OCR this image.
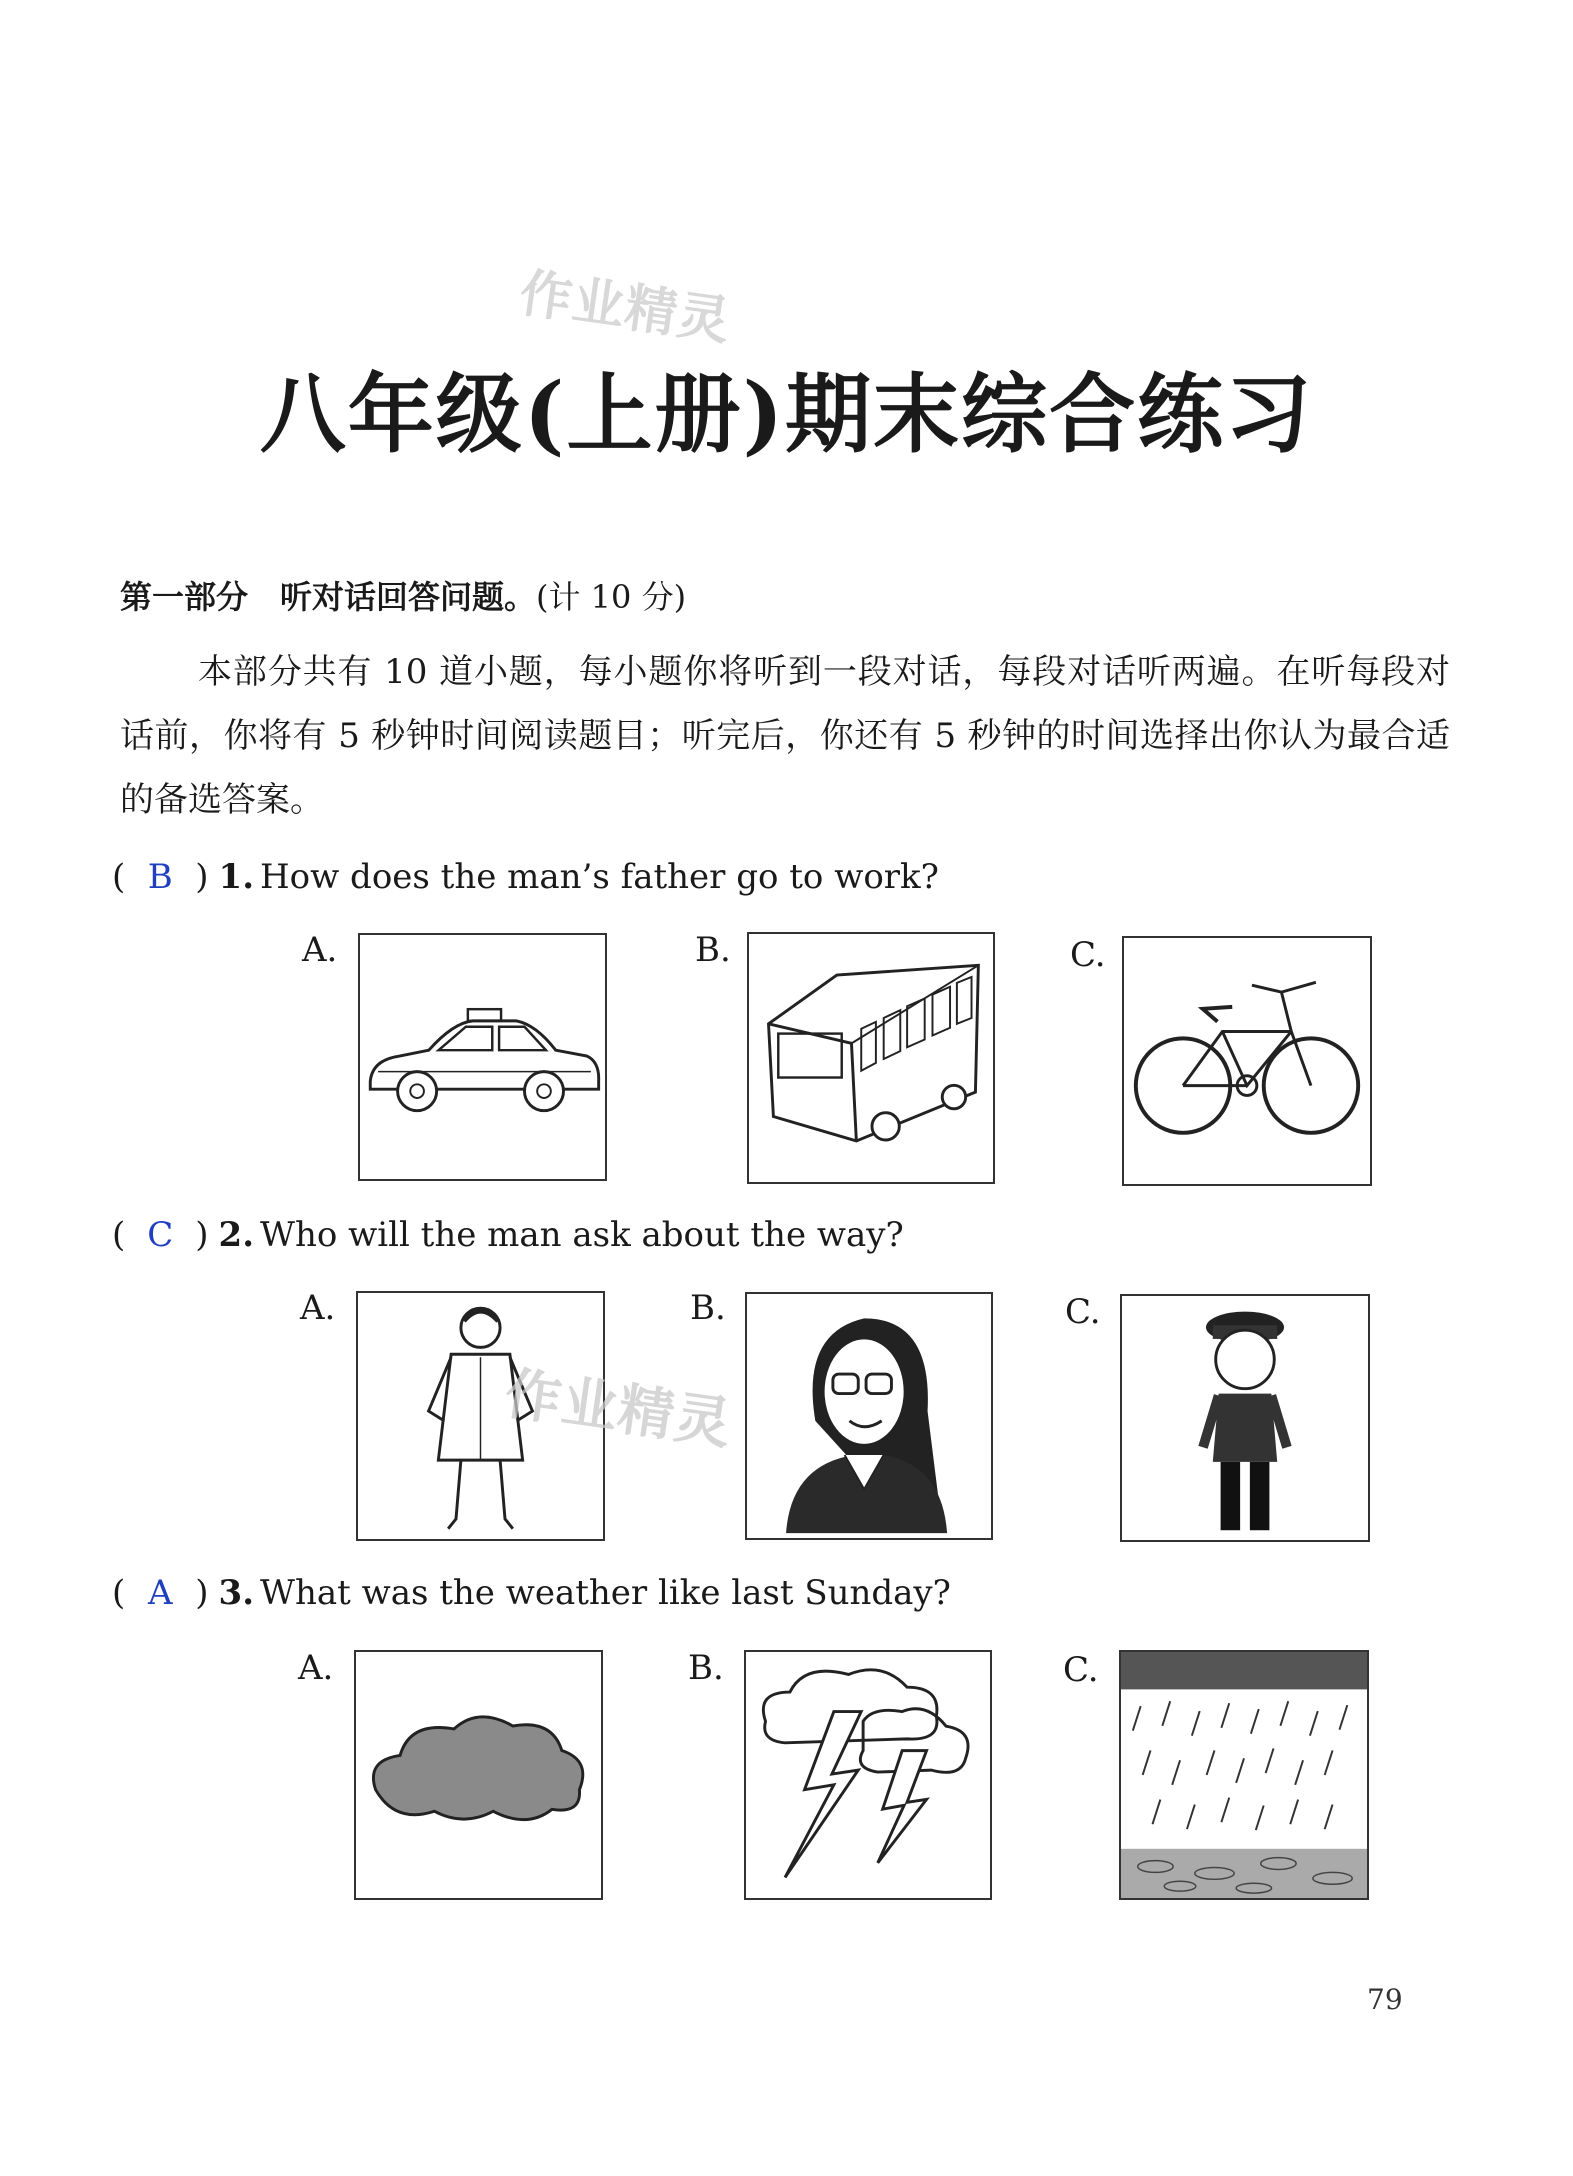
作业精灵
八年级(上册)期末综合练习
第一部分　听对话回答问题。(计 10 分)
本部分共有 10 道小题，每小题你将听到一段对话，每段对话听两遍。在听每段对话前，你将有 5 秒钟时间阅读题目；听完后，你还有 5 秒钟的时间选择出你认为最合适的备选答案。
( B ) 1. How does the man’s father go to work?
A.	B.	C.
( C ) 2. Who will the man ask about the way?
A.	B.	C.
( A ) 3. What was the weather like last Sunday?
A.	B.	C.
作业精灵
79
